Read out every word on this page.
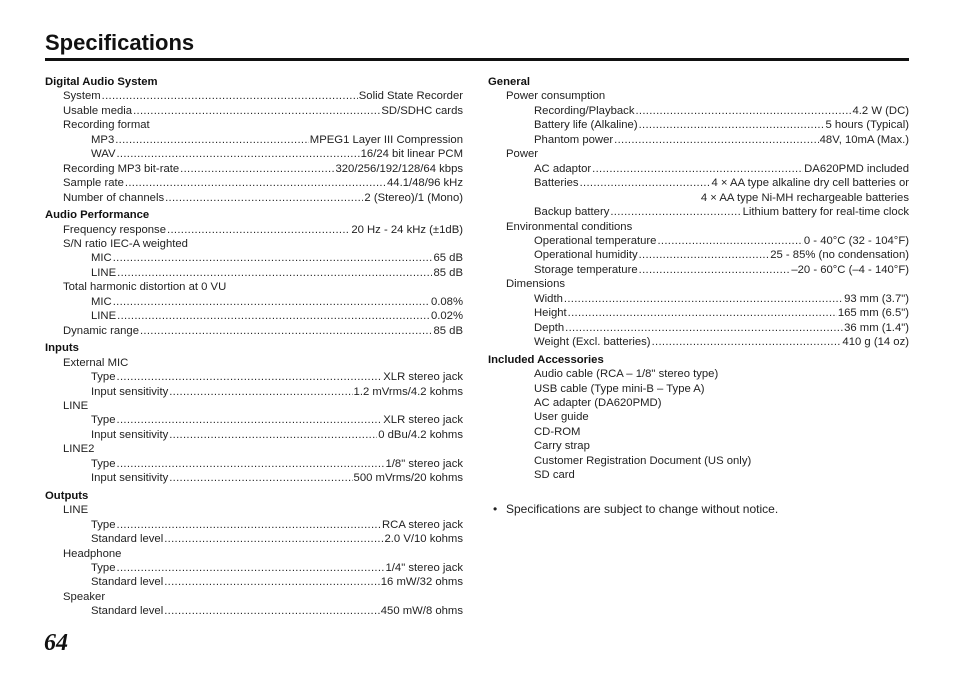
Specifications
Digital Audio System
System .....	Solid State Recorder
Usable media .....	SD/SDHC cards
Recording format
MP3 .....	MPEG1 Layer III Compression
WAV .....	16/24 bit linear PCM
Recording MP3 bit-rate .....	320/256/192/128/64 kbps
Sample rate .....	44.1/48/96 kHz
Number of channels .....	2 (Stereo)/1 (Mono)
Audio Performance
Frequency response .....	20 Hz - 24 kHz (±1dB)
S/N ratio IEC-A weighted
MIC .....	65 dB
LINE .....	85 dB
Total harmonic distortion at 0 VU
MIC .....	0.08%
LINE .....	0.02%
Dynamic range .....	85 dB
Inputs
External MIC
Type .....	XLR stereo jack
Input sensitivity .....	1.2 mVrms/4.2 kohms
LINE
Type .....	XLR stereo jack
Input sensitivity .....	0 dBu/4.2 kohms
LINE2
Type .....	1/8" stereo jack
Input sensitivity .....	500 mVrms/20 kohms
Outputs
LINE
Type .....	RCA stereo jack
Standard level .....	2.0 V/10 kohms
Headphone
Type .....	1/4" stereo jack
Standard level .....	16 mW/32 ohms
Speaker
Standard level .....	450 mW/8 ohms
General
Power consumption
Recording/Playback .....	4.2 W (DC)
Battery life (Alkaline) .....	5 hours (Typical)
Phantom power .....	48V, 10mA (Max.)
Power
AC adaptor .....	DA620PMD included
Batteries .....	4 × AA type alkaline dry cell batteries or
4 × AA type Ni-MH rechargeable batteries
Backup battery .....	Lithium battery for real-time clock
Environmental conditions
Operational temperature .....	0 - 40°C (32 - 104°F)
Operational humidity .....	25 - 85% (no condensation)
Storage temperature .....	–20 - 60°C (–4 - 140°F)
Dimensions
Width .....	93 mm (3.7")
Height .....	165 mm (6.5")
Depth .....	36 mm (1.4")
Weight (Excl. batteries) .....	410 g (14 oz)
Included Accessories
Audio cable (RCA – 1/8" stereo type)
USB cable (Type mini-B – Type A)
AC adapter (DA620PMD)
User guide
CD-ROM
Carry strap
Customer Registration Document (US only)
SD card
• Specifications are subject to change without notice.
64
